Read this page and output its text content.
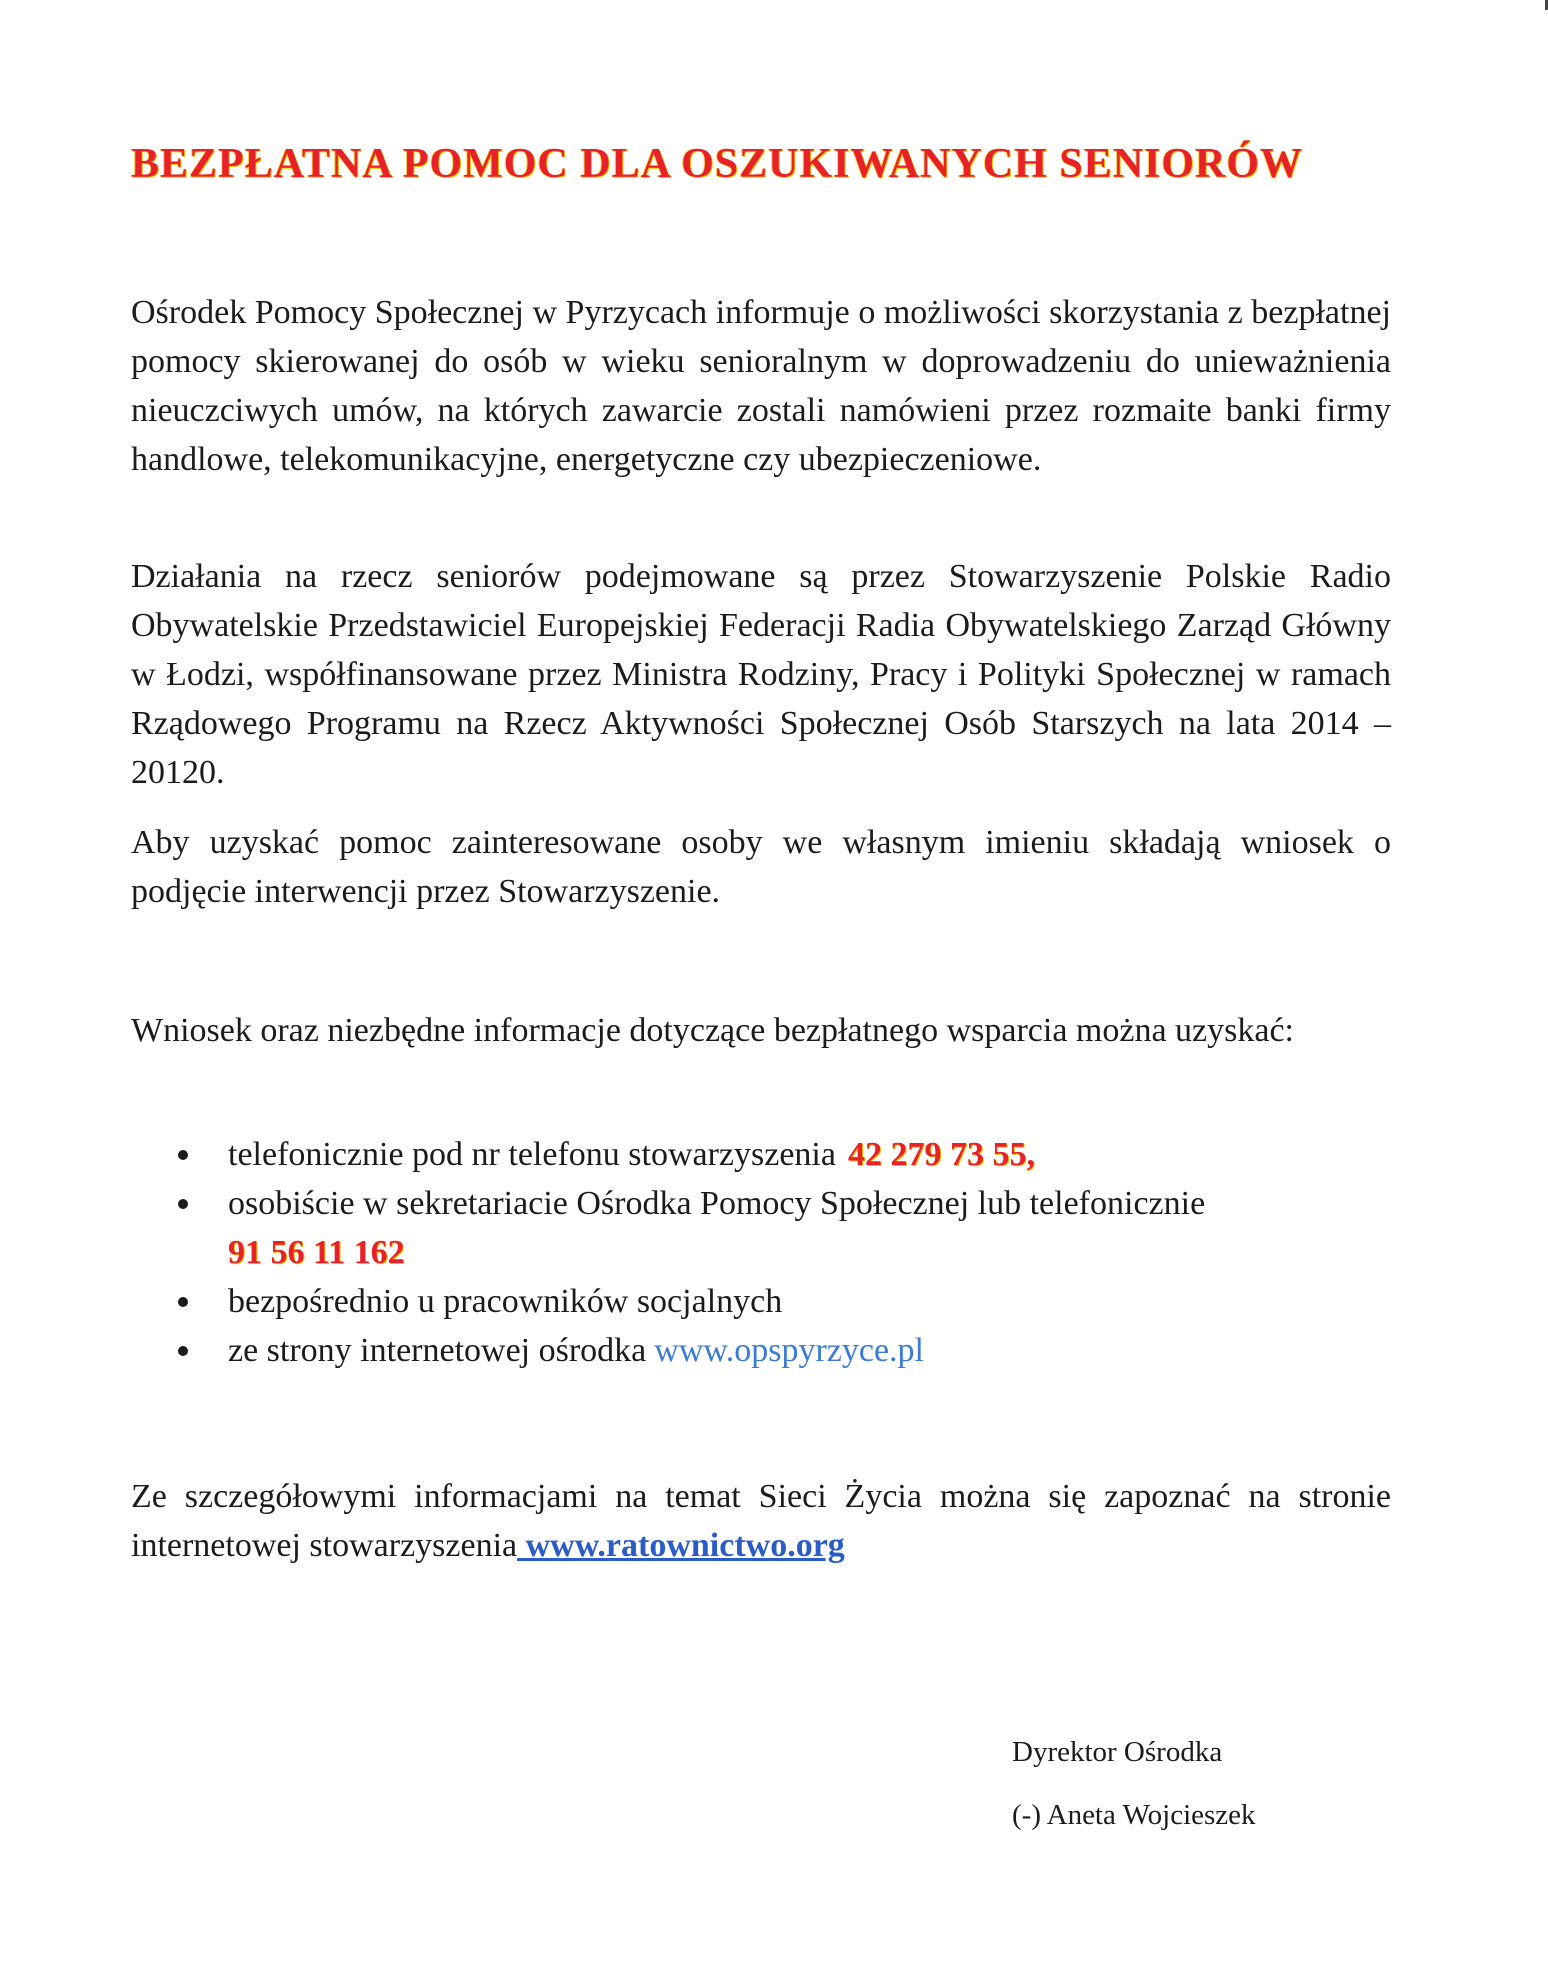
BEZPŁATNA POMOC DLA OSZUKIWANYCH SENIORÓW

Ośrodek Pomocy Społecznej w Pyrzycach informuje o możliwości skorzystania z bezpłatnej pomocy skierowanej do osób w wieku senioralnym w doprowadzeniu do unieważnienia nieuczciwych umów, na których zawarcie zostali namówieni przez rozmaite banki firmy handlowe, telekomunikacyjne, energetyczne czy ubezpieczeniowe.

Działania na rzecz seniorów podejmowane są przez Stowarzyszenie Polskie Radio Obywatelskie Przedstawiciel Europejskiej Federacji Radia Obywatelskiego Zarząd Główny w Łodzi, współfinansowane przez Ministra Rodziny, Pracy i Polityki Społecznej w ramach Rządowego Programu na Rzecz Aktywności Społecznej Osób Starszych na lata 2014 – 20120.

Aby uzyskać pomoc zainteresowane osoby we własnym imieniu składają wniosek o podjęcie interwencji przez Stowarzyszenie.

Wniosek oraz niezbędne informacje dotyczące bezpłatnego wsparcia można uzyskać:

telefonicznie pod nr telefonu stowarzyszenia 42 279 73 55,
osobiście w sekretariacie Ośrodka Pomocy Społecznej lub telefonicznie
91 56 11 162
bezpośrednio u pracowników socjalnych
ze strony internetowej ośrodka www.opspyrzyce.pl

Ze szczegółowymi informacjami na temat Sieci Życia można się zapoznać na stronie internetowej stowarzyszenia www.ratownictwo.org

Dyrektor Ośrodka

(-) Aneta Wojcieszek
